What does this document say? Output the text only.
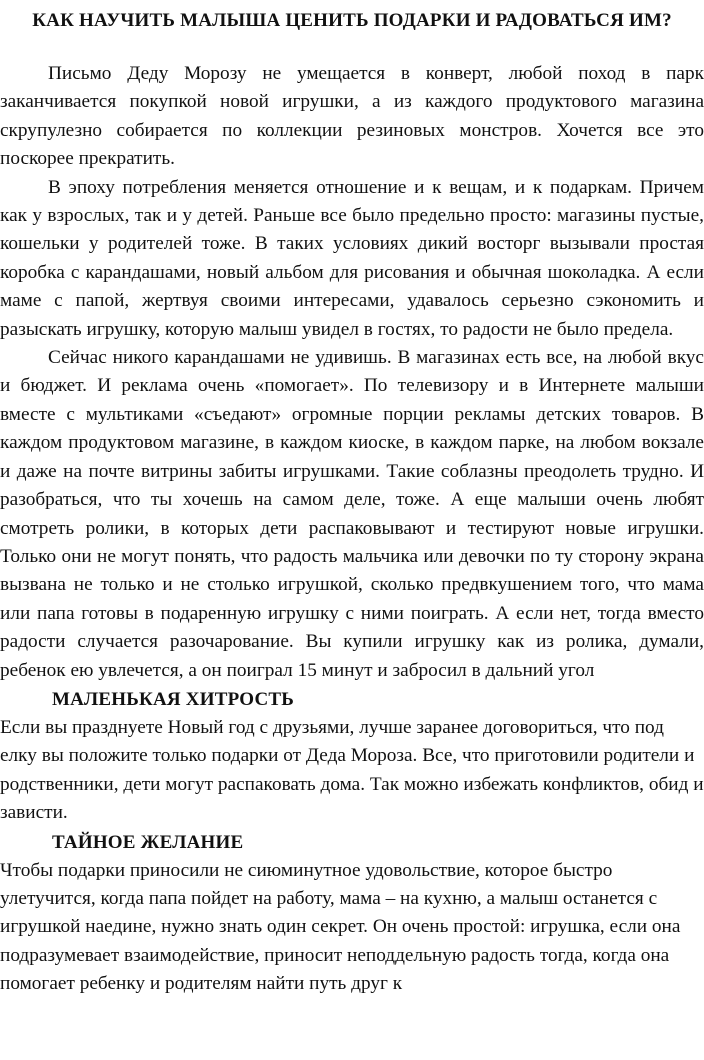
КАК НАУЧИТЬ МАЛЫША ЦЕНИТЬ ПОДАРКИ И РАДОВАТЬСЯ ИМ?

Письмо Деду Морозу не умещается в конверт, любой поход в парк заканчивается покупкой новой игрушки, а из каждого продуктового магазина скрупулезно собирается по коллекции резиновых монстров. Хочется все это поскорее прекратить.

В эпоху потребления меняется отношение и к вещам, и к подаркам. Причем как у взрослых, так и у детей. Раньше все было предельно просто: магазины пустые, кошельки у родителей тоже. В таких условиях дикий восторг вызывали простая коробка с карандашами, новый альбом для рисования и обычная шоколадка. А если маме с папой, жертвуя своими интересами, удавалось серьезно сэкономить и разыскать игрушку, которую малыш увидел в гостях, то радости не было предела.

Сейчас никого карандашами не удивишь. В магазинах есть все, на любой вкус и бюджет. И реклама очень «помогает». По телевизору и в Интернете малыши вместе с мультиками «съедают» огромные порции рекламы детских товаров. В каждом продуктовом магазине, в каждом киоске, в каждом парке, на любом вокзале и даже на почте витрины забиты игрушками. Такие соблазны преодолеть трудно. И разобраться, что ты хочешь на самом деле, тоже. А еще малыши очень любят смотреть ролики, в которых дети распаковывают и тестируют новые игрушки. Только они не могут понять, что радость мальчика или девочки по ту сторону экрана вызвана не только и не столько игрушкой, сколько предвкушением того, что мама или папа готовы в подаренную игрушку с ними поиграть. А если нет, тогда вместо радости случается разочарование. Вы купили игрушку как из ролика, думали, ребенок ею увлечется, а он поиграл 15 минут и забросил в дальний угол

МАЛЕНЬКАЯ ХИТРОСТЬ

Если вы празднуете Новый год с друзьями, лучше заранее договориться, что под елку вы положите только подарки от Деда Мороза. Все, что приготовили родители и родственники, дети могут распаковать дома. Так можно избежать конфликтов, обид и зависти.

ТАЙНОЕ ЖЕЛАНИЕ

Чтобы подарки приносили не сиюминутное удовольствие, которое быстро улетучится, когда папа пойдет на работу, мама – на кухню, а малыш останется с игрушкой наедине, нужно знать один секрет. Он очень простой: игрушка, если она подразумевает взаимодействие, приносит неподдельную радость тогда, когда она помогает ребенку и родителям найти путь друг к
